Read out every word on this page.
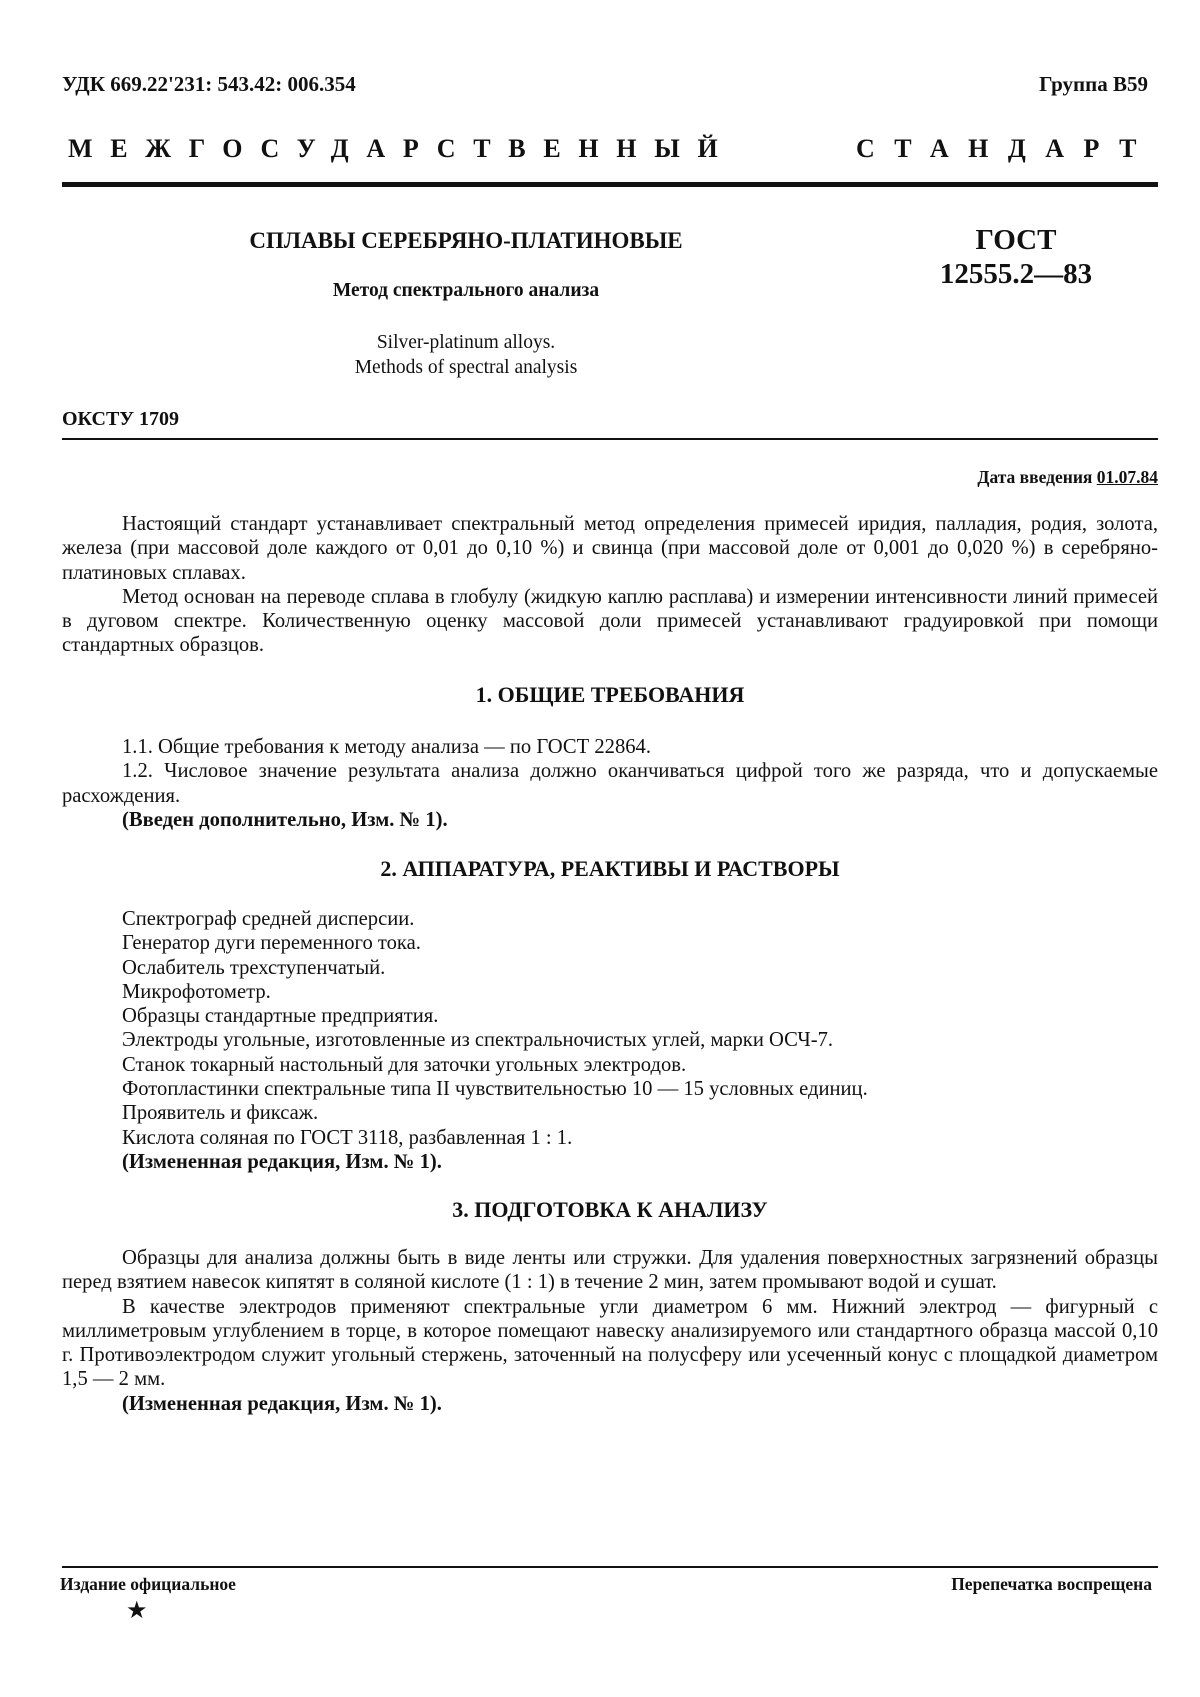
УДК 669.22'231: 543.42: 006.354	Группа В59
МЕЖГОСУДАРСТВЕННЫЙ	СТАНДАРТ
СПЛАВЫ СЕРЕБРЯНО-ПЛАТИНОВЫЕ
Метод спектрального анализа
Silver-platinum alloys.
Methods of spectral analysis
ГОСТ
12555.2—83
ОКСТУ 1709
Дата введения 01.07.84

Настоящий стандарт устанавливает спектральный метод определения примесей иридия, палладия, родия, золота, железа (при массовой доле каждого от 0,01 до 0,10 %) и свинца (при массовой доле от 0,001 до 0,020 %) в серебряно-платиновых сплавах.

Метод основан на переводе сплава в глобулу (жидкую каплю расплава) и измерении интенсивности линий примесей в дуговом спектре. Количественную оценку массовой доли примесей устанавливают градуировкой при помощи стандартных образцов.

1. ОБЩИЕ ТРЕБОВАНИЯ

1.1. Общие требования к методу анализа — по ГОСТ 22864.

1.2. Числовое значение результата анализа должно оканчиваться цифрой того же разряда, что и допускаемые расхождения.

(Введен дополнительно, Изм. № 1).

2. АППАРАТУРА, РЕАКТИВЫ И РАСТВОРЫ
Спектрограф средней дисперсии.
Генератор дуги переменного тока.
Ослабитель трехступенчатый.
Микрофотометр.
Образцы стандартные предприятия.
Электроды угольные, изготовленные из спектральночистых углей, марки ОСЧ-7.
Станок токарный настольный для заточки угольных электродов.
Фотопластинки спектральные типа II чувствительностью 10 — 15 условных единиц.
Проявитель и фиксаж.
Кислота соляная по ГОСТ 3118, разбавленная 1 : 1.
(Измененная редакция, Изм. № 1).
3. ПОДГОТОВКА К АНАЛИЗУ

Образцы для анализа должны быть в виде ленты или стружки. Для удаления поверхностных загрязнений образцы перед взятием навесок кипятят в соляной кислоте (1 : 1) в течение 2 мин, затем промывают водой и сушат.

В качестве электродов применяют спектральные угли диаметром 6 мм. Нижний электрод — фигурный с миллиметровым углублением в торце, в которое помещают навеску анализируемого или стандартного образца массой 0,10 г. Противоэлектродом служит угольный стержень, заточенный на полусферу или усеченный конус с площадкой диаметром 1,5 — 2 мм.

(Измененная редакция, Изм. № 1).

Издание официальное	Перепечатка воспрещена
★
